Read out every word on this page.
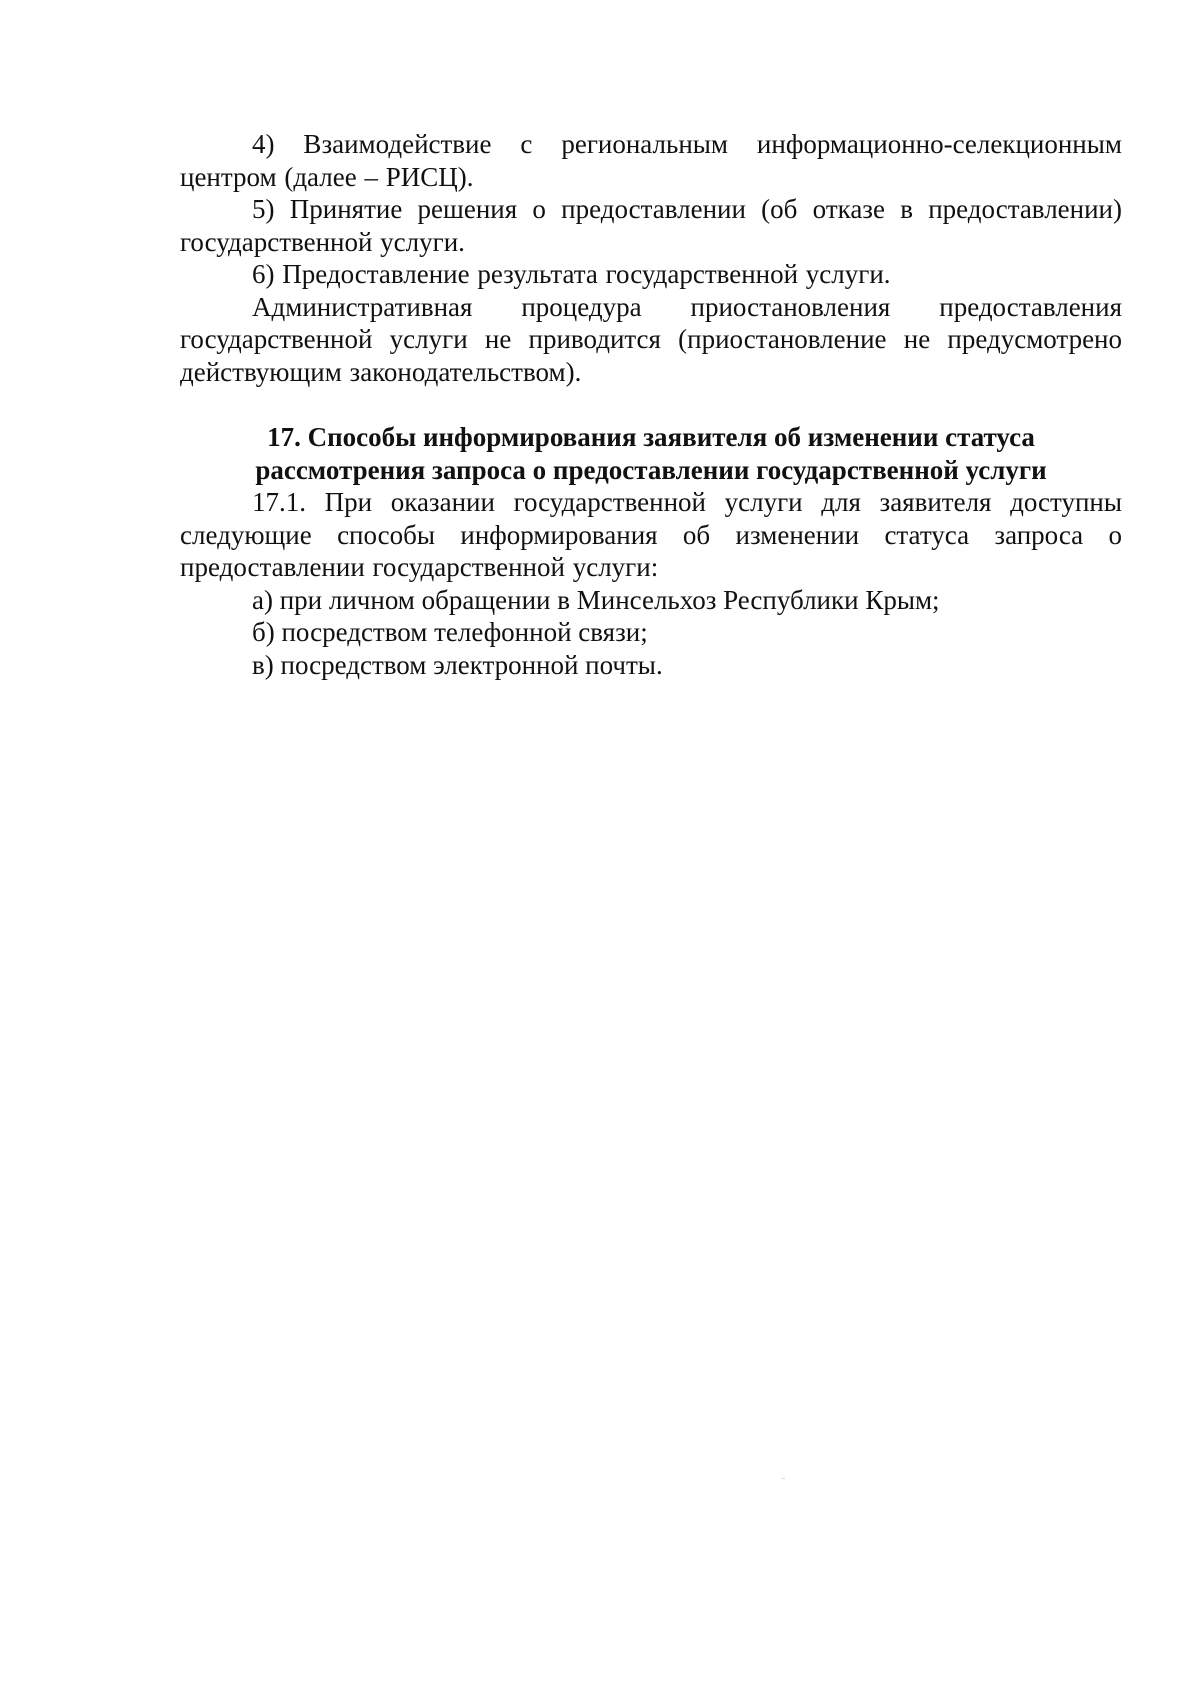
4) Взаимодействие с региональным информационно-селекционным центром (далее – РИСЦ).

5) Принятие решения о предоставлении (об отказе в предоставлении) государственной услуги.

6) Предоставление результата государственной услуги.

Административная процедура приостановления предоставления государственной услуги не приводится (приостановление не предусмотрено действующим законодательством).

17. Способы информирования заявителя об изменении статуса
рассмотрения запроса о предоставлении государственной услуги

17.1. При оказании государственной услуги для заявителя доступны следующие способы информирования об изменении статуса запроса о предоставлении государственной услуги:

а) при личном обращении в Минсельхоз Республики Крым;

б) посредством телефонной связи;

в) посредством электронной почты.
